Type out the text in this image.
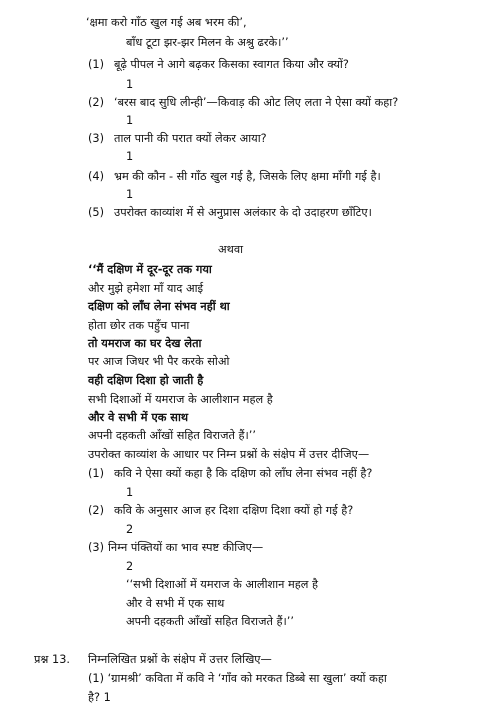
‘क्षमा करो गाँठ खुल गई अब भरम की’,
बाँध टूटा झर-झर मिलन के अश्रु ढरके।’’
(1) बूढ़े पीपल ने आगे बढ़कर किसका स्वागत किया और क्यों?
1
(2) ‘बरस बाद सुधि लीन्ही’—किवाड़ की ओट लिए लता ने ऐसा क्यों कहा?
1
(3) ताल पानी की परात क्यों लेकर आया?
1
(4) भ्रम की कौन - सी गाँठ खुल गई है, जिसके लिए क्षमा माँगी गई है।
1
(5) उपरोक्त काव्यांश में से अनुप्रास अलंकार के दो उदाहरण छाँटिए।
अथवा
‘‘मैं दक्षिण में दूर-दूर तक गया
और मुझे हमेशा माँ याद आई
दक्षिण को लाँघ लेना संभव नहीं था
होता छोर तक पहुँच पाना
तो यमराज का घर देख लेता
पर आज जिधर भी पैर करके सोओ
वही दक्षिण दिशा हो जाती है
सभी दिशाओं में यमराज के आलीशान महल है
और वे सभी में एक साथ
अपनी दहकती आँखों सहित विराजते हैं।’’
उपरोक्त काव्यांश के आधार पर निम्न प्रश्नों के संक्षेप में उत्तर दीजिए—
(1) कवि ने ऐसा क्यों कहा है कि दक्षिण को लाँघ लेना संभव नहीं है?
1
(2) कवि के अनुसार आज हर दिशा दक्षिण दिशा क्यों हो गई है?
2
(3) निम्न पंक्तियों का भाव स्पष्ट कीजिए—
2
‘‘सभी दिशाओं में यमराज के आलीशान महल है
और वे सभी में एक साथ
अपनी दहकती आँखों सहित विराजते हैं।’’
प्रश्न 13. निम्नलिखित प्रश्नों के संक्षेप में उत्तर लिखिए—
(1) ‘ग्रामश्री’ कविता में कवि ने ‘गाँव को मरकत डिब्बे सा खुला’ क्यों कहा
है? 1
